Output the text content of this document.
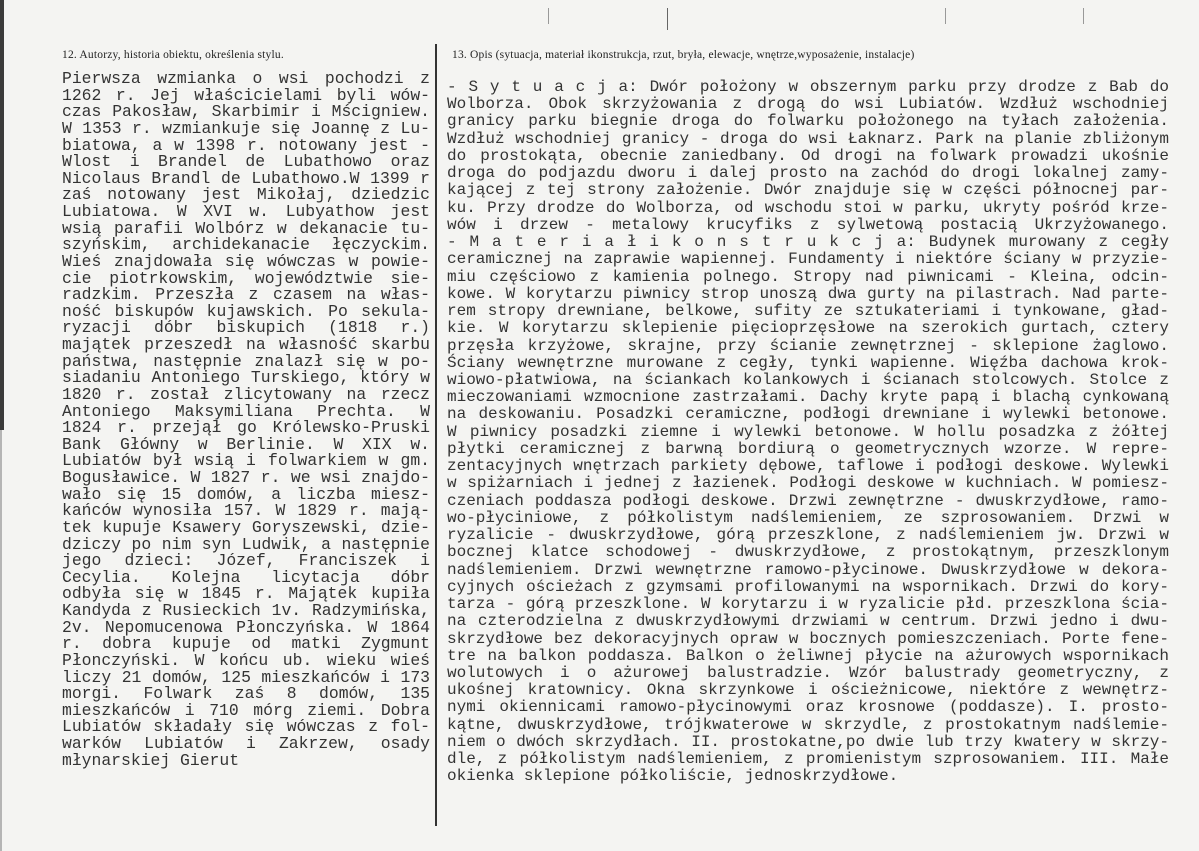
12. Autorzy, historia obiektu, określenia stylu.	13. Opis (sytuacja, materiał ikonstrukcja, rzut, bryła, elewacje, wnętrze,wyposażenie, instalacje)
Pierwsza wzmianka o wsi pochodzi z
1262 r. Jej właścicielami byli wów-
czas Pakosław, Skarbimir i Mścigniew.
W 1353 r. wzmiankuje się Joannę z Lu-
biatowa, a w 1398 r. notowany jest -
Wlost i Brandel de Lubathowo oraz
Nicolaus Brandl de Lubathowo.W 1399 r
zaś notowany jest Mikołaj, dziedzic
Lubiatowa. W XVI w. Lubyathow jest
wsią parafii Wolbórz w dekanacie tu-
szyńskim, archidekanacie łęczyckim.
Wieś znajdowała się wówczas w powie-
cie piotrkowskim, województwie sie-
radzkim. Przeszła z czasem na włas-
ność biskupów kujawskich. Po sekula-
ryzacji dóbr biskupich (1818 r.)
majątek przeszedł na własność skarbu
państwa, następnie znalazł się w po-
siadaniu Antoniego Turskiego, który w
1820 r. został zlicytowany na rzecz
Antoniego Maksymiliana Prechta. W
1824 r. przejął go Królewsko-Pruski
Bank Główny w Berlinie. W XIX w.
Lubiatów był wsią i folwarkiem w gm.
Bogusławice. W 1827 r. we wsi znajdo-
wało się 15 domów, a liczba miesz-
kańców wynosiła 157. W 1829 r. mają-
tek kupuje Ksawery Goryszewski, dzie-
dziczy po nim syn Ludwik, a następnie
jego dzieci: Józef, Franciszek i
Cecylia. Kolejna licytacja dóbr
odbyła się w 1845 r. Majątek kupiła
Kandyda z Rusieckich 1v. Radzymińska,
2v. Nepomucenowa Płonczyńska. W 1864
r. dobra kupuje od matki Zygmunt
Płonczyński. W końcu ub. wieku wieś
liczy 21 domów, 125 mieszkańców i 173
morgi. Folwark zaś 8 domów, 135
mieszkańców i 710 mórg ziemi. Dobra
Lubiatów składały się wówczas z fol-
warków Lubiatów i Zakrzew, osady
młynarskiej Gierut
- S y t u a c j a: Dwór położony w obszernym parku przy drodze z Bab do
Wolborza. Obok skrzyżowania z drogą do wsi Lubiatów. Wzdłuż wschodniej
granicy parku biegnie droga do folwarku położonego na tyłach założenia.
Wzdłuż wschodniej granicy - droga do wsi Łaknarz. Park na planie zbliżonym
do prostokąta, obecnie zaniedbany. Od drogi na folwark prowadzi ukośnie
droga do podjazdu dworu i dalej prosto na zachód do drogi lokalnej zamy-
kającej z tej strony założenie. Dwór znajduje się w części północnej par-
ku. Przy drodze do Wolborza, od wschodu stoi w parku, ukryty pośród krze-
wów i drzew - metalowy krucyfiks z sylwetową postacią Ukrzyżowanego.
- M a t e r i a ł i k o n s t r u k c j a: Budynek murowany z cegły
ceramicznej na zaprawie wapiennej. Fundamenty i niektóre ściany w przyzie-
miu częściowo z kamienia polnego. Stropy nad piwnicami - Kleina, odcin-
kowe. W korytarzu piwnicy strop unoszą dwa gurty na pilastrach. Nad parte-
rem stropy drewniane, belkowe, sufity ze sztukateriami i tynkowane, gład-
kie. W korytarzu sklepienie pięcioprzęsłowe na szerokich gurtach, cztery
przęsła krzyżowe, skrajne, przy ścianie zewnętrznej - sklepione żaglowo.
Ściany wewnętrzne murowane z cegły, tynki wapienne. Więźba dachowa krok-
wiowo-płatwiowa, na ściankach kolankowych i ścianach stolcowych. Stolce z
mieczowaniami wzmocnione zastrzałami. Dachy kryte papą i blachą cynkowaną
na deskowaniu. Posadzki ceramiczne, podłogi drewniane i wylewki betonowe.
W piwnicy posadzki ziemne i wylewki betonowe. W hollu posadzka z żółtej
płytki ceramicznej z barwną bordiurą o geometrycznych wzorze. W repre-
zentacyjnych wnętrzach parkiety dębowe, taflowe i podłogi deskowe. Wylewki
w spiżarniach i jednej z łazienek. Podłogi deskowe w kuchniach. W pomiesz-
czeniach poddasza podłogi deskowe. Drzwi zewnętrzne - dwuskrzydłowe, ramo-
wo-płyciniowe, z półkolistym nadślemieniem, ze szprosowaniem. Drzwi w
ryzalicie - dwuskrzydłowe, górą przeszklone, z nadślemieniem jw. Drzwi w
bocznej klatce schodowej - dwuskrzydłowe, z prostokątnym, przeszklonym
nadślemieniem. Drzwi wewnętrzne ramowo-płycinowe. Dwuskrzydłowe w dekora-
cyjnych ościeżach z gzymsami profilowanymi na wspornikach. Drzwi do kory-
tarza - górą przeszklone. W korytarzu i w ryzalicie płd. przeszklona ścia-
na czterodzielna z dwuskrzydłowymi drzwiami w centrum. Drzwi jedno i dwu-
skrzydłowe bez dekoracyjnych opraw w bocznych pomieszczeniach. Porte fene-
tre na balkon poddasza. Balkon o żeliwnej płycie na ażurowych wspornikach
wolutowych i o ażurowej balustradzie. Wzór balustrady geometryczny, z
ukośnej kratownicy. Okna skrzynkowe i ościeżnicowe, niektóre z wewnętrz-
nymi okiennicami ramowo-płycinowymi oraz krosnowe (poddasze). I. prosto-
kątne, dwuskrzydłowe, trójkwaterowe w skrzydle, z prostokatnym nadślemie-
niem o dwóch skrzydłach. II. prostokatne,po dwie lub trzy kwatery w skrzy-
dle, z półkolistym nadślemieniem, z promienistym szprosowaniem. III. Małe
okienka sklepione półkoliście, jednoskrzydłowe.
